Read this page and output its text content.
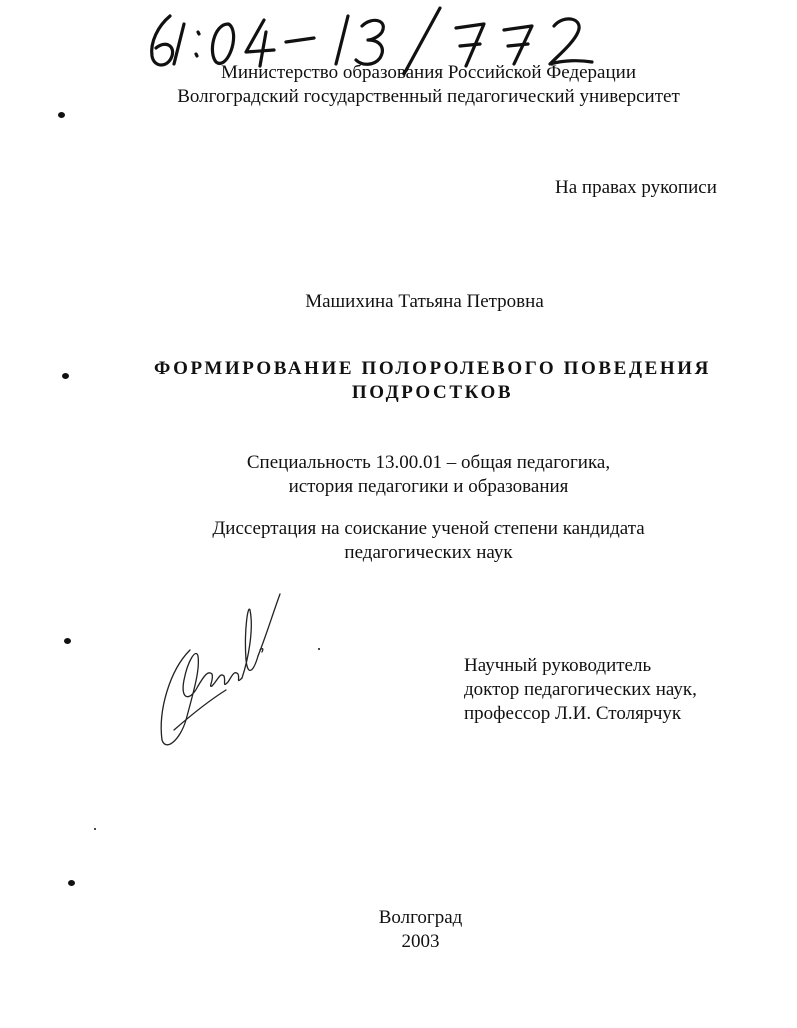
Министерство образования Российской Федерации
Волгоградский государственный педагогический университет
На правах рукописи
Машихина Татьяна Петровна
ФОРМИРОВАНИЕ ПОЛОРОЛЕВОГО ПОВЕДЕНИЯ
ПОДРОСТКОВ
Специальность 13.00.01 – общая педагогика,
история педагогики и образования
Диссертация на соискание ученой степени кандидата
педагогических наук
Научный руководитель
доктор педагогических наук,
профессор Л.И. Столярчук
Волгоград
2003
